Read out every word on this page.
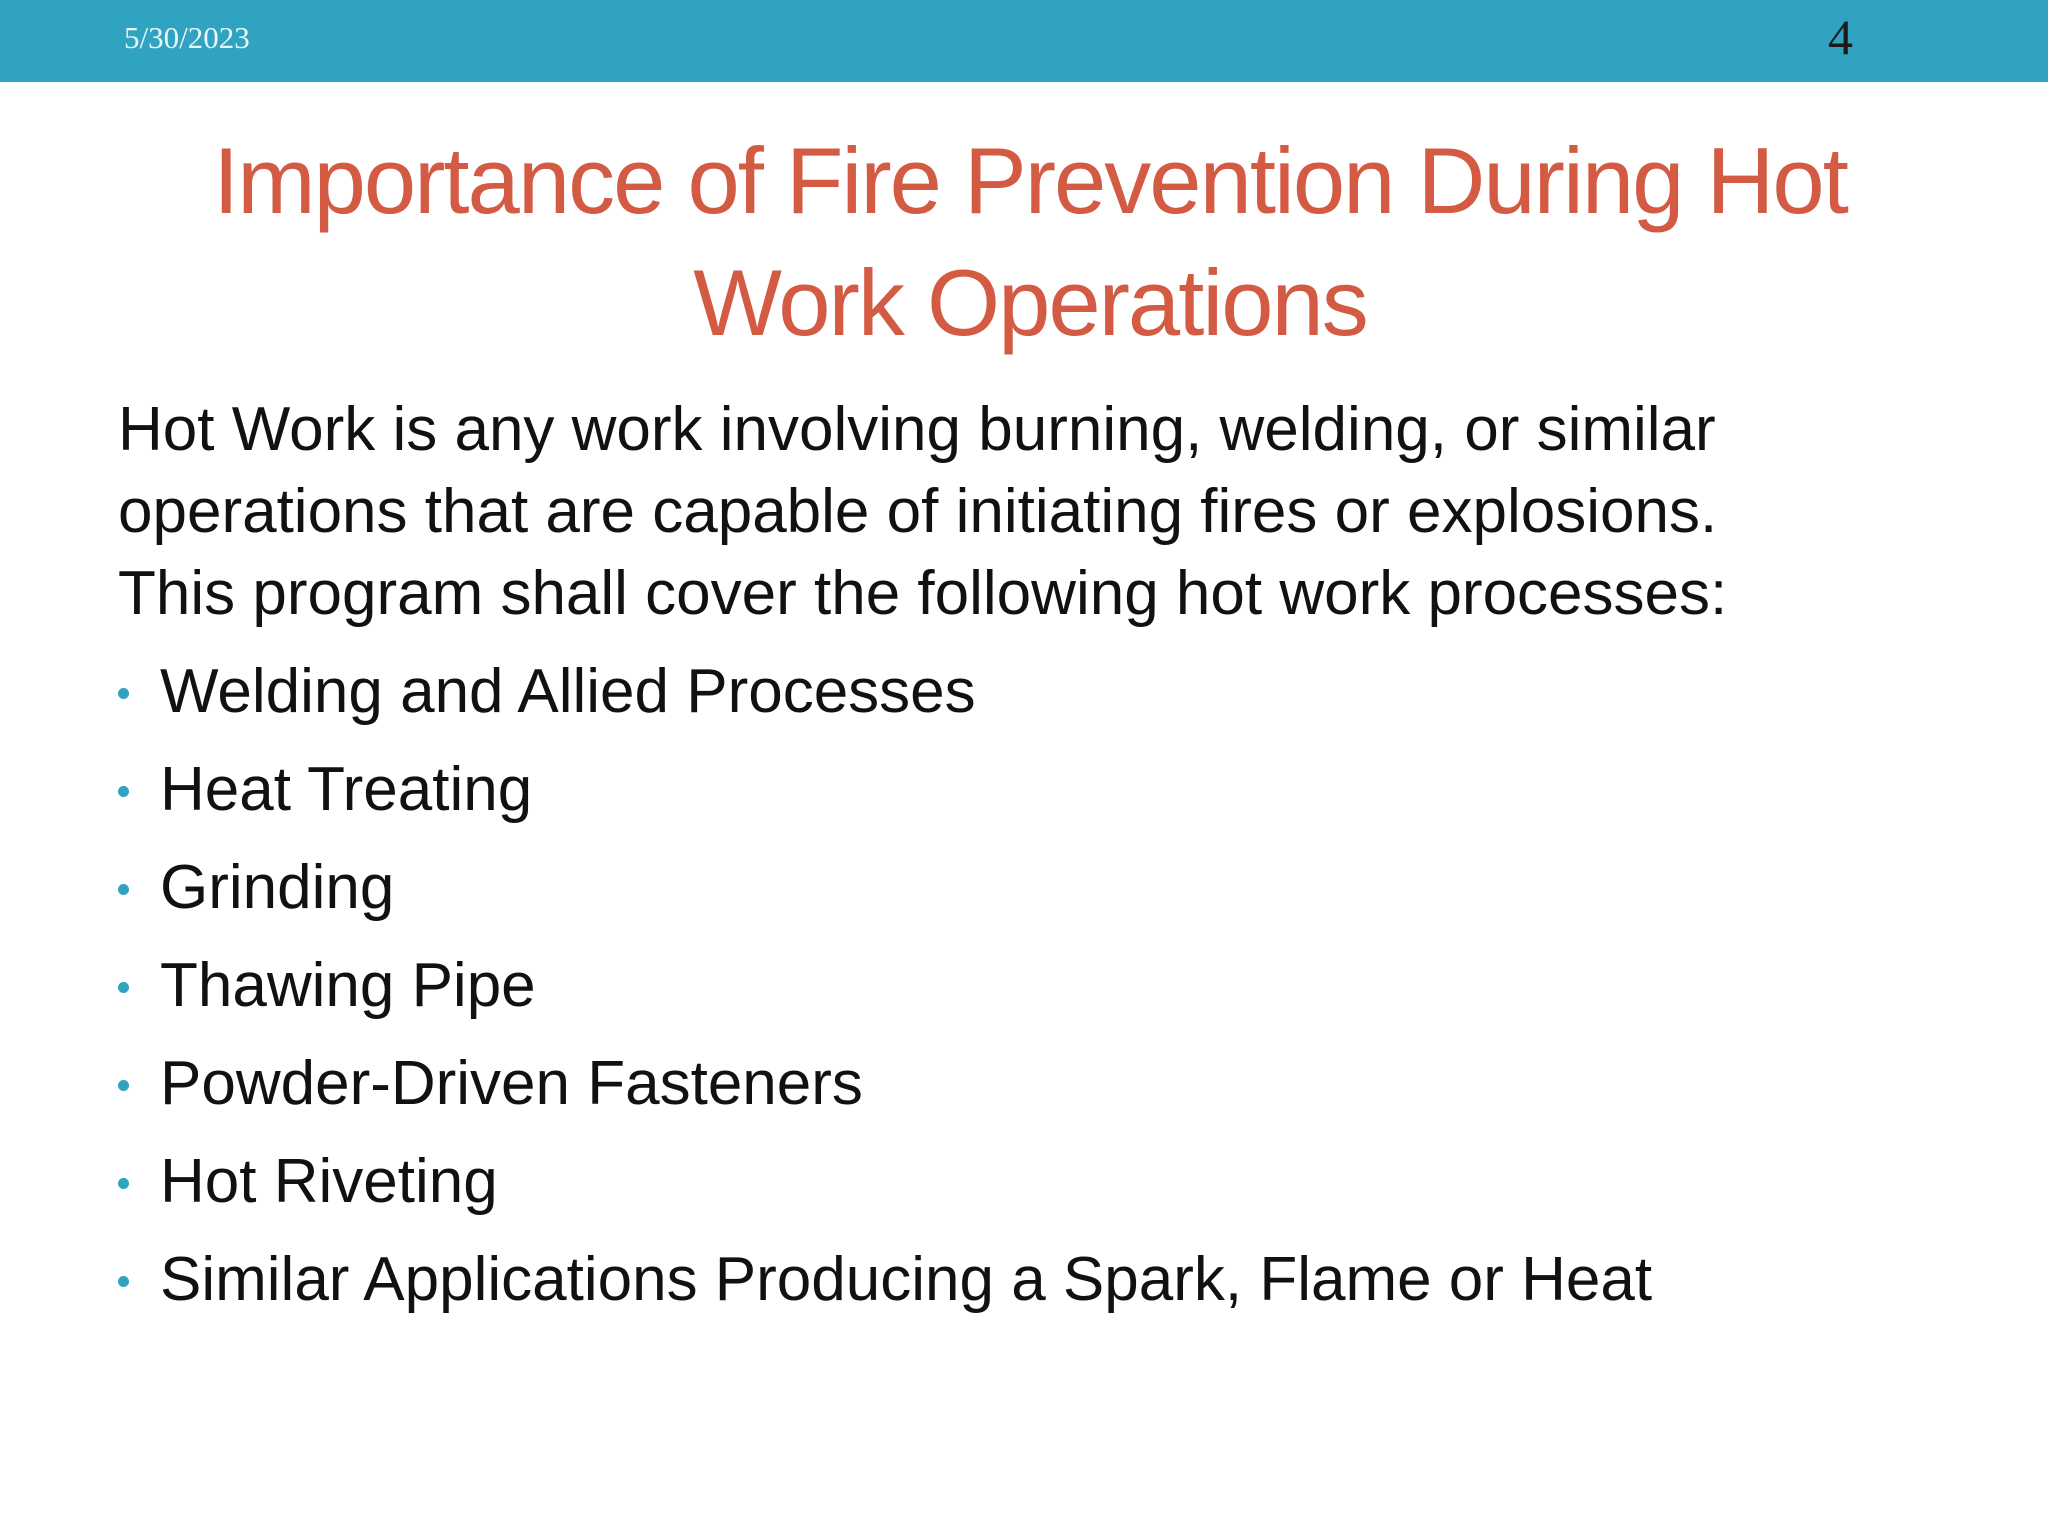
5/30/2023	4
Importance of Fire Prevention During Hot
Work Operations

Hot Work is any work involving burning, welding, or similar
operations that are capable of initiating fires or explosions.
This program shall cover the following hot work processes:

Welding and Allied Processes
Heat Treating
Grinding
Thawing Pipe
Powder-Driven Fasteners
Hot Riveting
Similar Applications Producing a Spark, Flame or Heat
